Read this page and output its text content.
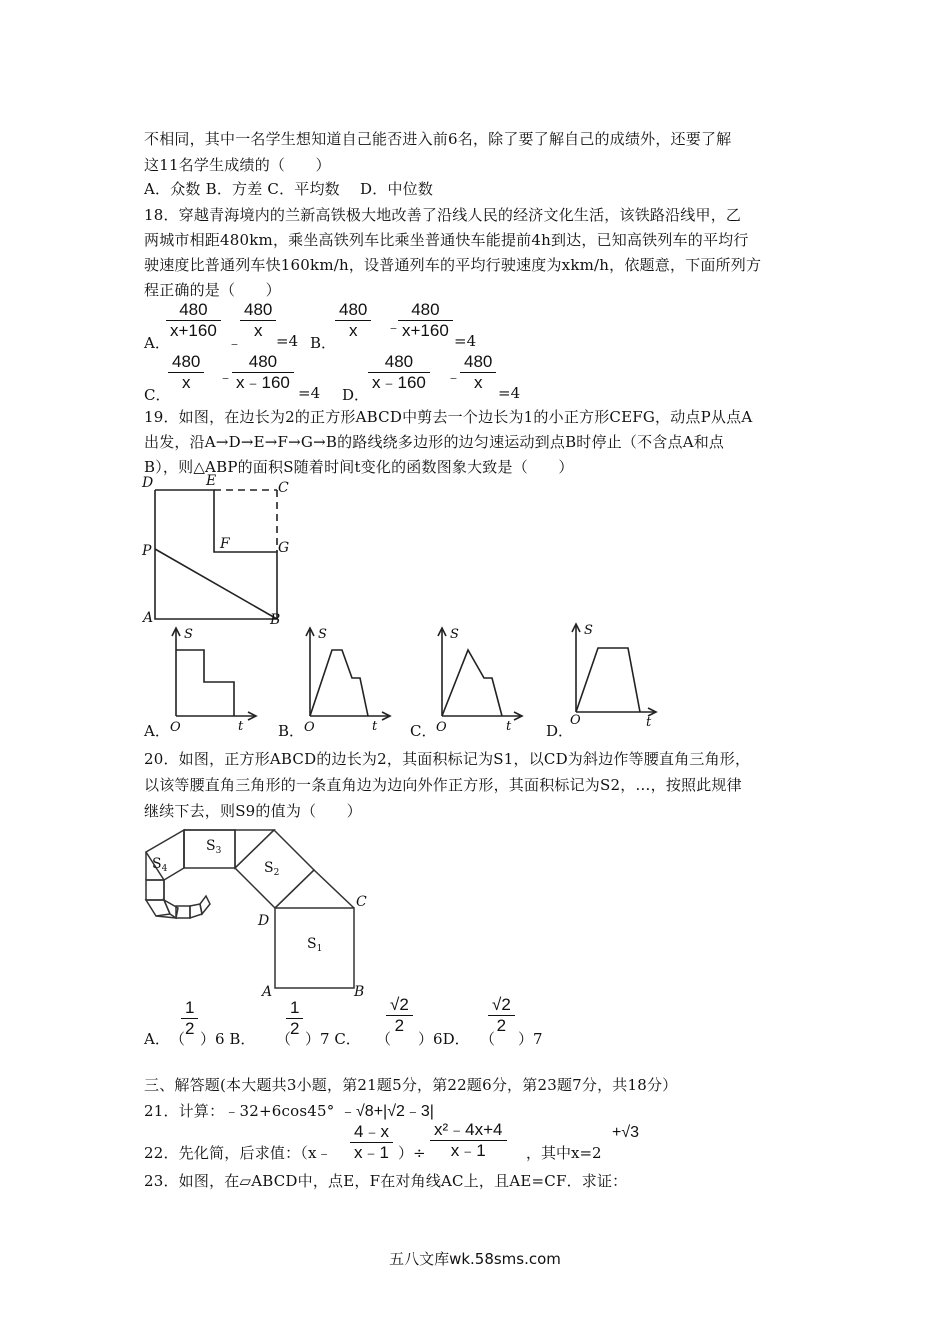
不相同，其中一名学生想知道自己能否进入前6名，除了要了解自己的成绩外，还要了解
这11名学生成绩的（　　）
A．众数 B．方差 C．平均数　 D．中位数
18．穿越青海境内的兰新高铁极大地改善了沿线人民的经济文化生活，该铁路沿线甲，乙
两城市相距480km，乘坐高铁列车比乘坐普通快车能提前4h到达，已知高铁列车的平均行
驶速度比普通列车快160km/h，设普通列车的平均行驶速度为xkm/h，依题意，下面所列方
程正确的是（　　）
A．
$\frac{480}{x+160}$
﹣
$\frac{480}{x} =4$ B．
$\frac{480}{x}$ ﹣
$\frac{480}{x+160} =4$
C．
$\frac{480}{x}$ ﹣
$\frac{480}{x﹣160} =4$ D．
$\frac{480}{x﹣160}$ ﹣
$\frac{480}{x} =4$
19．如图，在边长为2的正方形ABCD中剪去一个边长为1的小正方形CEFG，动点P从点A
出发，沿A→D→E→F→G→B的路线绕多边形的边匀速运动到点B时停止（不含点A和点
B），则△ABP的面积S随着时间t变化的函数图象大致是（　　）
D	E	C
F	G
P
A	B
A．
S
O	t B．
S
O	t C．
S
O	t D．
S
O	t
20．如图，正方形ABCD的边长为2，其面积标记为S1，以CD为斜边作等腰直角三角形，
以该等腰直角三角形的一条直角边为边向外作正方形，其面积标记为S2，…，按照此规律
继续下去，则S9的值为（　　）
$S_1$
$S_2$
$S_3$
$S_4$
C
D
A	B
A． （
$\frac{1}{2} )6$ B． （
$\frac{1}{2} )7$ C． （
$\frac{√2}{2}$
）6D． （
$\frac{√2}{2}$
）7
三、解答题(本大题共3小题，第21题5分，第22题6分，第23题7分，共18分）
21．计算：﹣32+6cos45° ﹣√8+|√2﹣3|
22．先化简，后求值：（x﹣ $\frac{4﹣x}{x﹣1}$ ）÷ $\frac{\text{x²﹣4x+4}}{x﹣1}$ ，其中x=2
+√3
23．如图，在▱ABCD中，点E，F在对角线AC上，且AE=CF．求证：
五八文库wk.58sms.com
